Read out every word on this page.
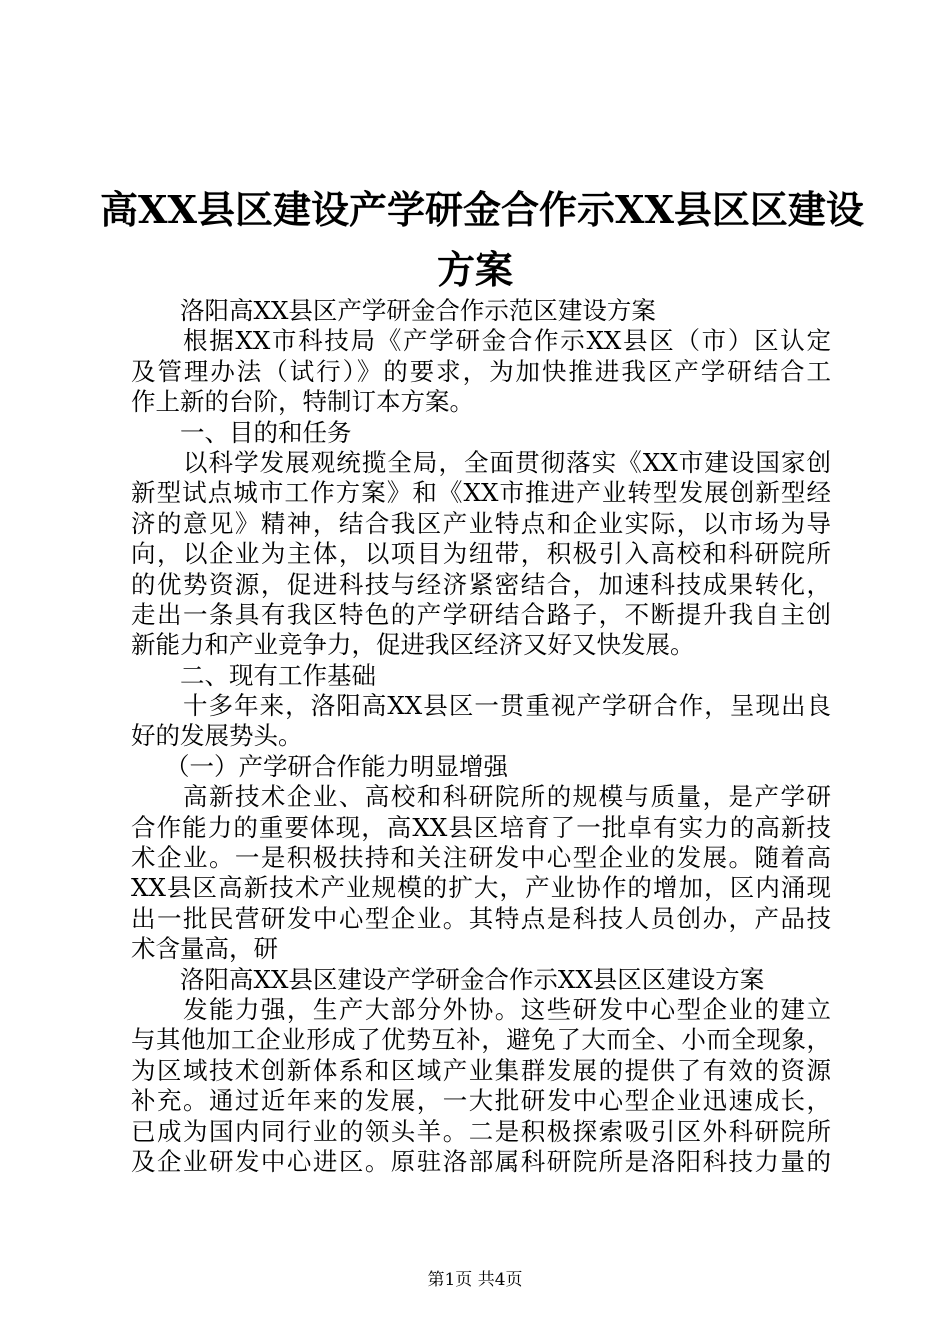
高XX县区建设产学研金合作示XX县区区建设
方案
洛阳高XX县区产学研金合作示范区建设方案
根据XX市科技局《产学研金合作示XX县区（市）区认定
及管理办法（试行）》的要求，为加快推进我区产学研结合工
作上新的台阶，特制订本方案。
一、目的和任务
以科学发展观统揽全局，全面贯彻落实《XX市建设国家创
新型试点城市工作方案》和《XX市推进产业转型发展创新型经
济的意见》精神，结合我区产业特点和企业实际，以市场为导
向，以企业为主体，以项目为纽带，积极引入高校和科研院所
的优势资源，促进科技与经济紧密结合，加速科技成果转化，
走出一条具有我区特色的产学研结合路子，不断提升我自主创
新能力和产业竞争力，促进我区经济又好又快发展。
二、现有工作基础
十多年来，洛阳高XX县区一贯重视产学研合作，呈现出良
好的发展势头。
（一）产学研合作能力明显增强
高新技术企业、高校和科研院所的规模与质量，是产学研
合作能力的重要体现，高XX县区培育了一批卓有实力的高新技
术企业。一是积极扶持和关注研发中心型企业的发展。随着高
XX县区高新技术产业规模的扩大，产业协作的增加，区内涌现
出一批民营研发中心型企业。其特点是科技人员创办，产品技
术含量高，研
洛阳高XX县区建设产学研金合作示XX县区区建设方案
发能力强，生产大部分外协。这些研发中心型企业的建立
与其他加工企业形成了优势互补，避免了大而全、小而全现象，
为区域技术创新体系和区域产业集群发展的提供了有效的资源
补充。通过近年来的发展，一大批研发中心型企业迅速成长，
已成为国内同行业的领头羊。二是积极探索吸引区外科研院所
及企业研发中心进区。原驻洛部属科研院所是洛阳科技力量的
第1页 共4页
